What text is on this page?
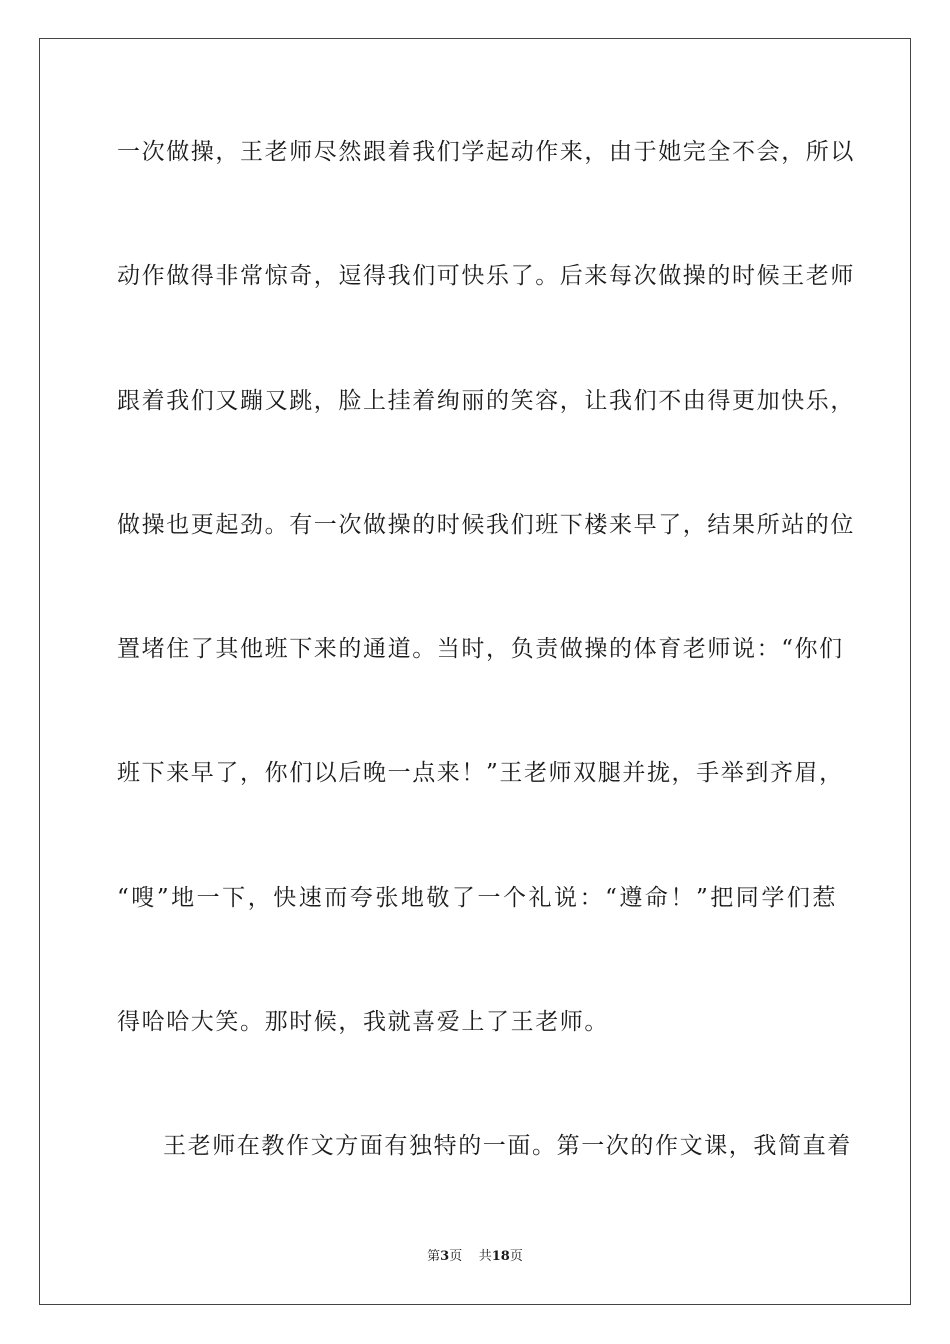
一次做操，王老师尽然跟着我们学起动作来，由于她完全不会，所以
动作做得非常惊奇，逗得我们可快乐了。后来每次做操的时候王老师
跟着我们又蹦又跳，脸上挂着绚丽的笑容，让我们不由得更加快乐，
做操也更起劲。有一次做操的时候我们班下楼来早了，结果所站的位
置堵住了其他班下来的通道。当时，负责做操的体育老师说：“你们
班下来早了，你们以后晚一点来！”王老师双腿并拢，手举到齐眉，
“嗖”地一下，快速而夸张地敬了一个礼说：“遵命！”把同学们惹
得哈哈大笑。那时候，我就喜爱上了王老师。
王老师在教作文方面有独特的一面。第一次的作文课，我简直着
第3页 共18页
